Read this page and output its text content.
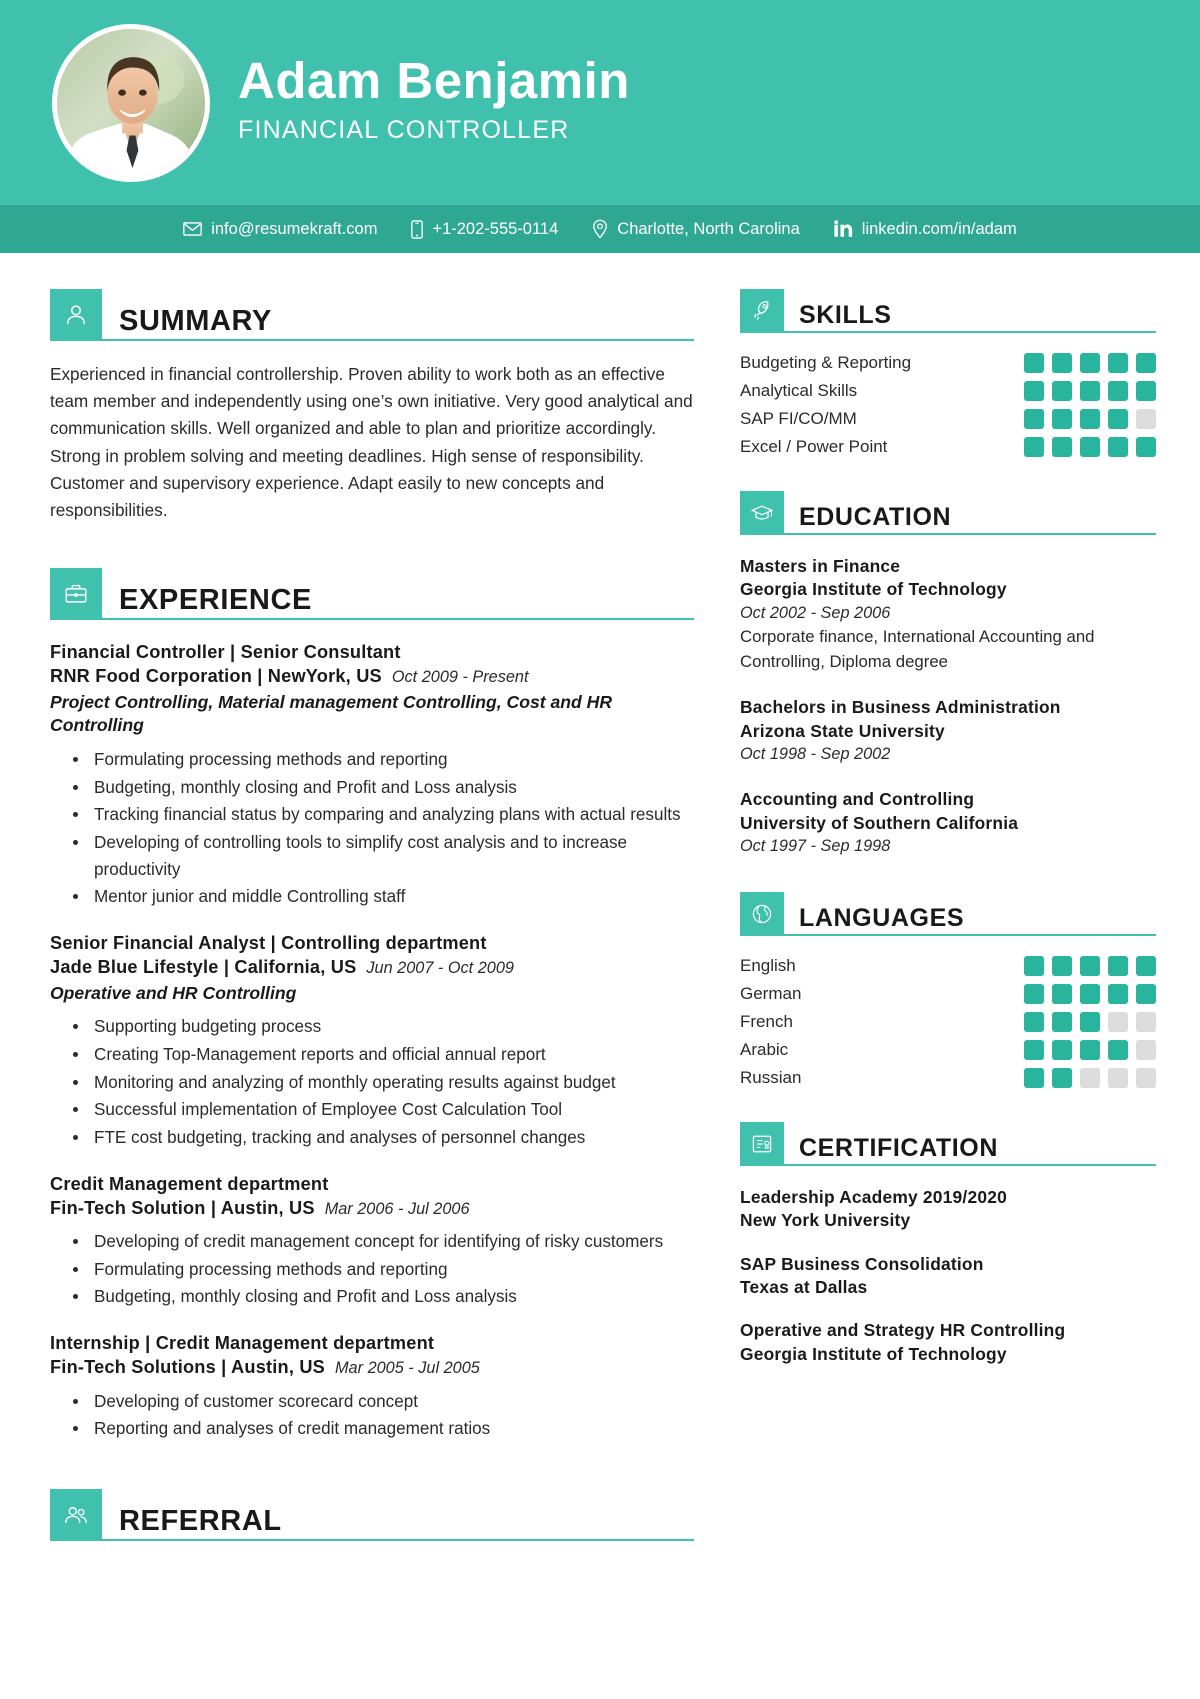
Adam Benjamin
FINANCIAL CONTROLLER
info@resumekraft.com	+1-202-555-0114	Charlotte, North Carolina	linkedin.com/in/adam
SUMMARY
Experienced in financial controllership. Proven ability to work both as an effective team member and independently using one’s own initiative. Very good analytical and communication skills. Well organized and able to plan and prioritize accordingly. Strong in problem solving and meeting deadlines. High sense of responsibility. Customer and supervisory experience. Adapt easily to new concepts and responsibilities.
EXPERIENCE
Financial Controller | Senior Consultant
RNR Food Corporation | NewYork, US Oct 2009 - Present
Project Controlling, Material management Controlling, Cost and HR Controlling
• Formulating processing methods and reporting
• Budgeting, monthly closing and Profit and Loss analysis
• Tracking financial status by comparing and analyzing plans with actual results
• Developing of controlling tools to simplify cost analysis and to increase productivity
• Mentor junior and middle Controlling staff
Senior Financial Analyst | Controlling department
Jade Blue Lifestyle | California, US Jun 2007 - Oct 2009
Operative and HR Controlling
• Supporting budgeting process
• Creating Top-Management reports and official annual report
• Monitoring and analyzing of monthly operating results against budget
• Successful implementation of Employee Cost Calculation Tool
• FTE cost budgeting, tracking and analyses of personnel changes
Credit Management department
Fin-Tech Solution | Austin, US Mar 2006 - Jul 2006
• Developing of credit management concept for identifying of risky customers
• Formulating processing methods and reporting
• Budgeting, monthly closing and Profit and Loss analysis
Internship | Credit Management department
Fin-Tech Solutions | Austin, US Mar 2005 - Jul 2005
• Developing of customer scorecard concept
• Reporting and analyses of credit management ratios
REFERRAL
SKILLS
Budgeting & Reporting
Analytical Skills
SAP FI/CO/MM
Excel / Power Point
EDUCATION
Masters in Finance
Georgia Institute of Technology
Oct 2002 - Sep 2006
Corporate finance, International Accounting and Controlling, Diploma degree
Bachelors in Business Administration
Arizona State University
Oct 1998 - Sep 2002
Accounting and Controlling
University of Southern California
Oct 1997 - Sep 1998
LANGUAGES
English
German
French
Arabic
Russian
CERTIFICATION
Leadership Academy 2019/2020
New York University
SAP Business Consolidation
Texas at Dallas
Operative and Strategy HR Controlling
Georgia Institute of Technology
